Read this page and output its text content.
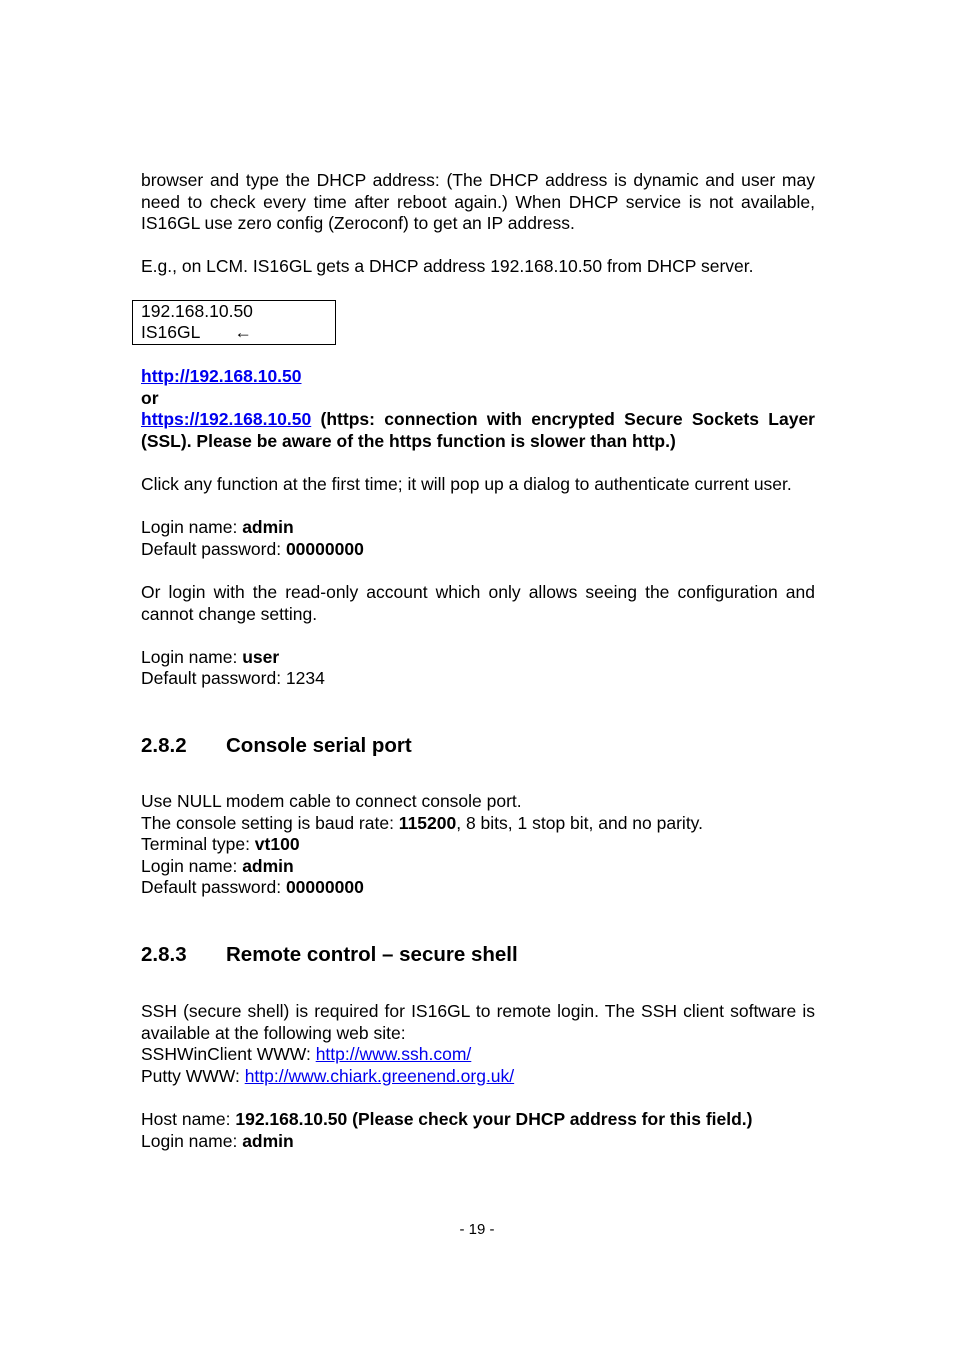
browser and type the DHCP address: (The DHCP address is dynamic and user may need to check every time after reboot again.) When DHCP service is not available, IS16GL use zero config (Zeroconf) to get an IP address.

E.g., on LCM. IS16GL gets a DHCP address 192.168.10.50 from DHCP server.

192.168.10.50
IS16GL ←

http://192.168.10.50

or

https://192.168.10.50 (https: connection with encrypted Secure Sockets Layer (SSL). Please be aware of the https function is slower than http.)

Click any function at the first time; it will pop up a dialog to authenticate current user.

Login name: admin

Default password: 00000000

Or login with the read-only account which only allows seeing the configuration and cannot change setting.

Login name: user

Default password: 1234

2.8.2 Console serial port

Use NULL modem cable to connect console port.

The console setting is baud rate: 115200, 8 bits, 1 stop bit, and no parity.

Terminal type: vt100

Login name: admin

Default password: 00000000

2.8.3 Remote control – secure shell

SSH (secure shell) is required for IS16GL to remote login. The SSH client software is available at the following web site:

SSHWinClient WWW: http://www.ssh.com/

Putty WWW: http://www.chiark.greenend.org.uk/

Host name: 192.168.10.50 (Please check your DHCP address for this field.)

Login name: admin

- 19 -
